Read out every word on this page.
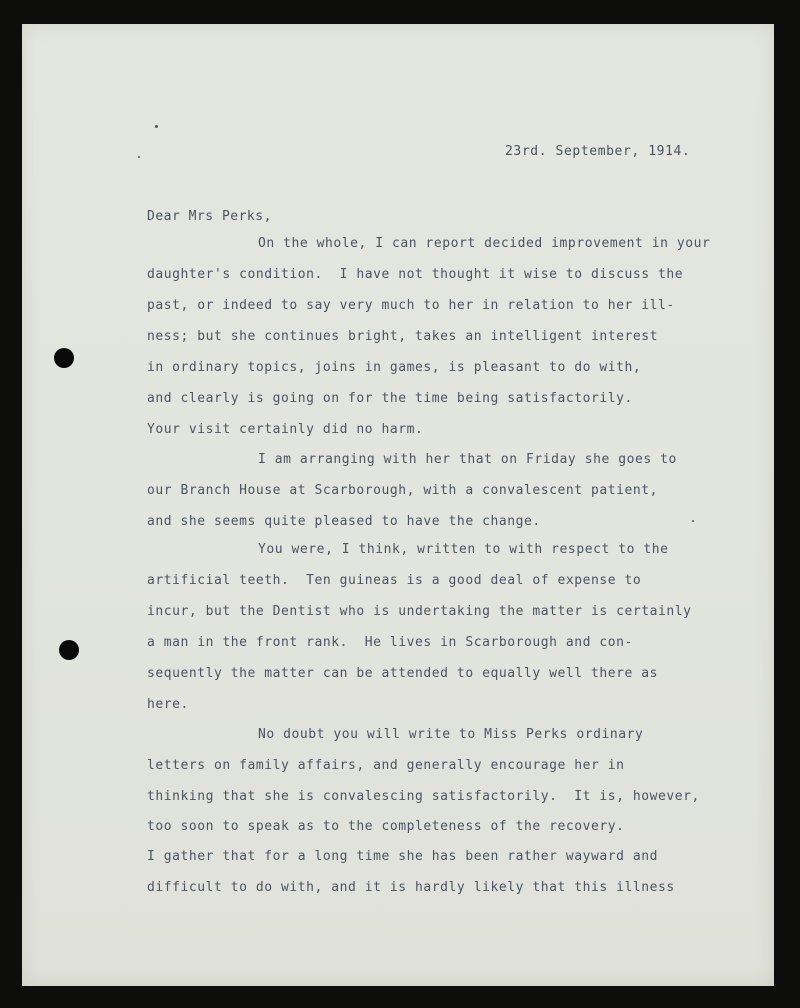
23rd. September, 1914.
Dear Mrs Perks,
On the whole, I can report decided improvement in your
daughter's condition.  I have not thought it wise to discuss the
past, or indeed to say very much to her in relation to her ill-
ness; but she continues bright, takes an intelligent interest
in ordinary topics, joins in games, is pleasant to do with,
and clearly is going on for the time being satisfactorily.
Your visit certainly did no harm.
I am arranging with her that on Friday she goes to
our Branch House at Scarborough, with a convalescent patient,
and she seems quite pleased to have the change.
You were, I think, written to with respect to the
artificial teeth.  Ten guineas is a good deal of expense to
incur, but the Dentist who is undertaking the matter is certainly
a man in the front rank.  He lives in Scarborough and con-
sequently the matter can be attended to equally well there as
here.
No doubt you will write to Miss Perks ordinary
letters on family affairs, and generally encourage her in
thinking that she is convalescing satisfactorily.  It is, however,
too soon to speak as to the completeness of the recovery.
I gather that for a long time she has been rather wayward and
difficult to do with, and it is hardly likely that this illness
